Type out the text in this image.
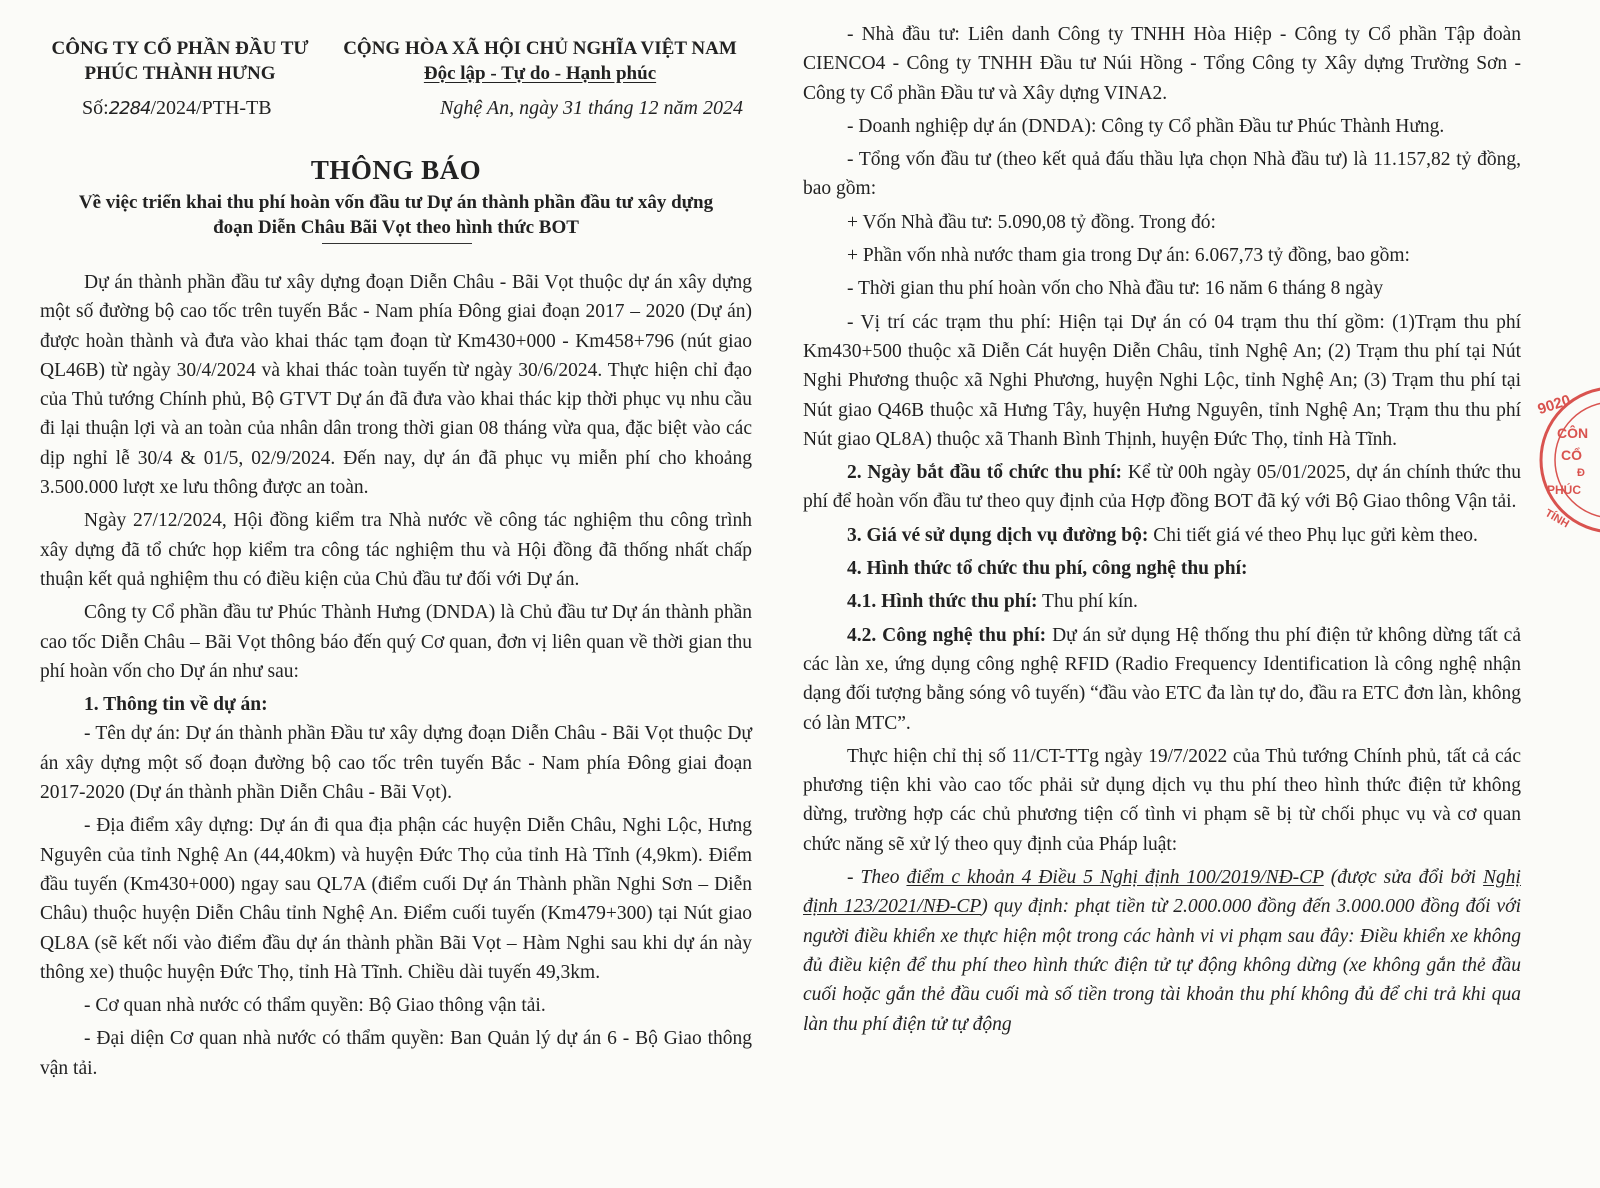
CÔNG TY CỔ PHẦN ĐẦU TƯ
PHÚC THÀNH HƯNG
CỘNG HÒA XÃ HỘI CHỦ NGHĨA VIỆT NAM
Độc lập - Tự do - Hạnh phúc
Số:2284/2024/PTH-TB	Nghệ An, ngày 31 tháng 12 năm 2024
THÔNG BÁO
Về việc triển khai thu phí hoàn vốn đầu tư Dự án thành phần đầu tư xây dựng
đoạn Diễn Châu Bãi Vọt theo hình thức BOT

Dự án thành phần đầu tư xây dựng đoạn Diễn Châu - Bãi Vọt thuộc dự án xây dựng một số đường bộ cao tốc trên tuyến Bắc - Nam phía Đông giai đoạn 2017 – 2020 (Dự án) được hoàn thành và đưa vào khai thác tạm đoạn từ Km430+000 - Km458+796 (nút giao QL46B) từ ngày 30/4/2024 và khai thác toàn tuyến từ ngày 30/6/2024. Thực hiện chỉ đạo của Thủ tướng Chính phủ, Bộ GTVT Dự án đã đưa vào khai thác kịp thời phục vụ nhu cầu đi lại thuận lợi và an toàn của nhân dân trong thời gian 08 tháng vừa qua, đặc biệt vào các dịp nghỉ lễ 30/4 & 01/5, 02/9/2024. Đến nay, dự án đã phục vụ miễn phí cho khoảng 3.500.000 lượt xe lưu thông được an toàn.

Ngày 27/12/2024, Hội đồng kiểm tra Nhà nước về công tác nghiệm thu công trình xây dựng đã tổ chức họp kiểm tra công tác nghiệm thu và Hội đồng đã thống nhất chấp thuận kết quả nghiệm thu có điều kiện của Chủ đầu tư đối với Dự án.

Công ty Cổ phần đầu tư Phúc Thành Hưng (DNDA) là Chủ đầu tư Dự án thành phần cao tốc Diễn Châu – Bãi Vọt thông báo đến quý Cơ quan, đơn vị liên quan về thời gian thu phí hoàn vốn cho Dự án như sau:

1. Thông tin về dự án:

- Tên dự án: Dự án thành phần Đầu tư xây dựng đoạn Diễn Châu - Bãi Vọt thuộc Dự án xây dựng một số đoạn đường bộ cao tốc trên tuyến Bắc - Nam phía Đông giai đoạn 2017-2020 (Dự án thành phần Diễn Châu - Bãi Vọt).

- Địa điểm xây dựng: Dự án đi qua địa phận các huyện Diễn Châu, Nghi Lộc, Hưng Nguyên của tỉnh Nghệ An (44,40km) và huyện Đức Thọ của tỉnh Hà Tĩnh (4,9km). Điểm đầu tuyến (Km430+000) ngay sau QL7A (điểm cuối Dự án Thành phần Nghi Sơn – Diễn Châu) thuộc huyện Diễn Châu tỉnh Nghệ An. Điểm cuối tuyến (Km479+300) tại Nút giao QL8A (sẽ kết nối vào điểm đầu dự án thành phần Bãi Vọt – Hàm Nghi sau khi dự án này thông xe) thuộc huyện Đức Thọ, tỉnh Hà Tĩnh. Chiều dài tuyến 49,3km.

- Cơ quan nhà nước có thẩm quyền: Bộ Giao thông vận tải.

- Đại diện Cơ quan nhà nước có thẩm quyền: Ban Quản lý dự án 6 - Bộ Giao thông vận tải.

- Nhà đầu tư: Liên danh Công ty TNHH Hòa Hiệp - Công ty Cổ phần Tập đoàn CIENCO4 - Công ty TNHH Đầu tư Núi Hồng - Tổng Công ty Xây dựng Trường Sơn - Công ty Cổ phần Đầu tư và Xây dựng VINA2.

- Doanh nghiệp dự án (DNDA): Công ty Cổ phần Đầu tư Phúc Thành Hưng.

- Tổng vốn đầu tư (theo kết quả đấu thầu lựa chọn Nhà đầu tư) là 11.157,82 tỷ đồng, bao gồm:

+ Vốn Nhà đầu tư: 5.090,08 tỷ đồng. Trong đó:

+ Phần vốn nhà nước tham gia trong Dự án: 6.067,73 tỷ đồng, bao gồm:

- Thời gian thu phí hoàn vốn cho Nhà đầu tư: 16 năm 6 tháng 8 ngày

- Vị trí các trạm thu phí: Hiện tại Dự án có 04 trạm thu thí gồm: (1)Trạm thu phí Km430+500 thuộc xã Diễn Cát huyện Diễn Châu, tỉnh Nghệ An; (2) Trạm thu phí tại Nút Nghi Phương thuộc xã Nghi Phương, huyện Nghi Lộc, tỉnh Nghệ An; (3) Trạm thu phí tại Nút giao Q46B thuộc xã Hưng Tây, huyện Hưng Nguyên, tỉnh Nghệ An; Trạm thu thu phí Nút giao QL8A) thuộc xã Thanh Bình Thịnh, huyện Đức Thọ, tỉnh Hà Tĩnh.

2. Ngày bắt đầu tổ chức thu phí: Kể từ 00h ngày 05/01/2025, dự án chính thức thu phí để hoàn vốn đầu tư theo quy định của Hợp đồng BOT đã ký với Bộ Giao thông Vận tải.

3. Giá vé sử dụng dịch vụ đường bộ: Chi tiết giá vé theo Phụ lục gửi kèm theo.

4. Hình thức tổ chức thu phí, công nghệ thu phí:

4.1. Hình thức thu phí: Thu phí kín.

4.2. Công nghệ thu phí: Dự án sử dụng Hệ thống thu phí điện tử không dừng tất cả các làn xe, ứng dụng công nghệ RFID (Radio Frequency Identification là công nghệ nhận dạng đối tượng bằng sóng vô tuyến) “đầu vào ETC đa làn tự do, đầu ra ETC đơn làn, không có làn MTC”.

Thực hiện chỉ thị số 11/CT-TTg ngày 19/7/2022 của Thủ tướng Chính phủ, tất cả các phương tiện khi vào cao tốc phải sử dụng dịch vụ thu phí theo hình thức điện tử không dừng, trường hợp các chủ phương tiện cố tình vi phạm sẽ bị từ chối phục vụ và cơ quan chức năng sẽ xử lý theo quy định của Pháp luật:

- Theo điểm c khoản 4 Điều 5 Nghị định 100/2019/NĐ-CP (được sửa đổi bởi Nghị định 123/2021/NĐ-CP) quy định: phạt tiền từ 2.000.000 đồng đến 3.000.000 đồng đối với người điều khiển xe thực hiện một trong các hành vi vi phạm sau đây: Điều khiển xe không đủ điều kiện để thu phí theo hình thức điện tử tự động không dừng (xe không gắn thẻ đầu cuối hoặc gắn thẻ đầu cuối mà số tiền trong tài khoản thu phí không đủ để chi trả khi qua làn thu phí điện tử tự động

9020
CÔN
CỔ
Đ
PHÚC
TÍNH
